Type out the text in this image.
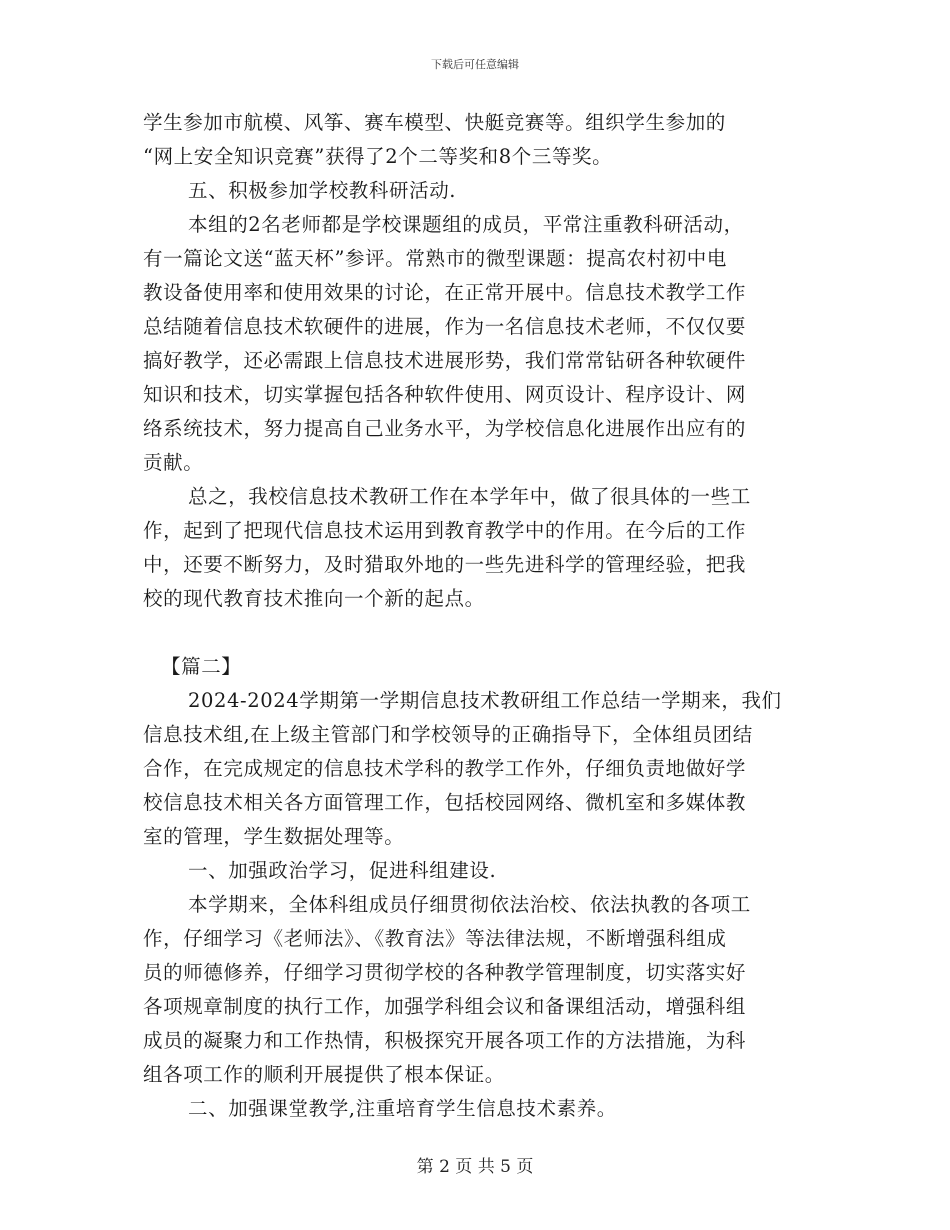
下载后可任意编辑
学生参加市航模、风筝、赛车模型、快艇竞赛等。组织学生参加的
“网上安全知识竞赛”获得了2个二等奖和8个三等奖。
五、积极参加学校教科研活动.
本组的2名老师都是学校课题组的成员，平常注重教科研活动，
有一篇论文送“蓝天杯”参评。常熟市的微型课题：提高农村初中电
教设备使用率和使用效果的讨论，在正常开展中。信息技术教学工作
总结随着信息技术软硬件的进展，作为一名信息技术老师，不仅仅要
搞好教学，还必需跟上信息技术进展形势，我们常常钻研各种软硬件
知识和技术，切实掌握包括各种软件使用、网页设计、程序设计、网
络系统技术，努力提高自己业务水平，为学校信息化进展作出应有的
贡献。
总之，我校信息技术教研工作在本学年中，做了很具体的一些工
作，起到了把现代信息技术运用到教育教学中的作用。在今后的工作
中，还要不断努力，及时猎取外地的一些先进科学的管理经验，把我
校的现代教育技术推向一个新的起点。
【篇二】
2024-2024学期第一学期信息技术教研组工作总结一学期来，我们
信息技术组,在上级主管部门和学校领导的正确指导下，全体组员团结
合作，在完成规定的信息技术学科的教学工作外，仔细负责地做好学
校信息技术相关各方面管理工作，包括校园网络、微机室和多媒体教
室的管理，学生数据处理等。
一、加强政治学习，促进科组建设.
本学期来，全体科组成员仔细贯彻依法治校、依法执教的各项工
作，仔细学习《老师法》、《教育法》等法律法规，不断增强科组成
员的师德修养，仔细学习贯彻学校的各种教学管理制度，切实落实好
各项规章制度的执行工作，加强学科组会议和备课组活动，增强科组
成员的凝聚力和工作热情，积极探究开展各项工作的方法措施，为科
组各项工作的顺利开展提供了根本保证。
二、加强课堂教学,注重培育学生信息技术素养。
第 2 页 共 5 页
